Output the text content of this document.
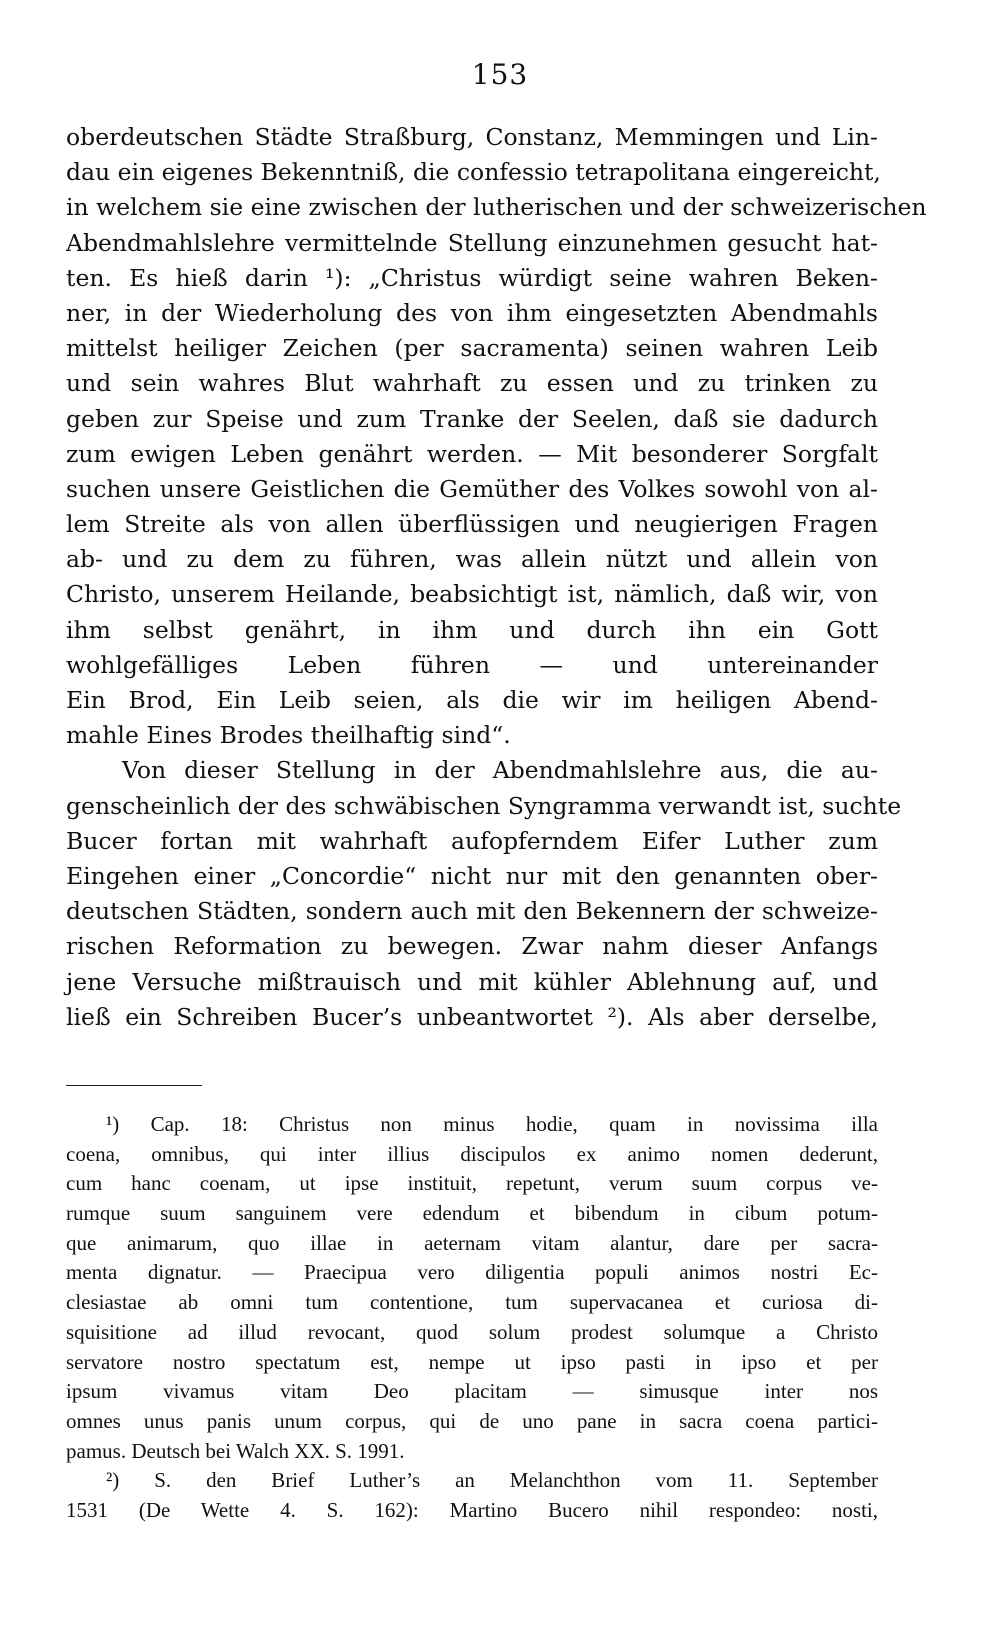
153
oberdeutschen Städte Straßburg, Constanz, Memmingen und Lin-
dau ein eigenes Bekenntniß, die confessio tetrapolitana eingereicht,
in welchem sie eine zwischen der lutherischen und der schweizerischen
Abendmahlslehre vermittelnde Stellung einzunehmen gesucht hat-
ten. Es hieß darin ¹): „Christus würdigt seine wahren Beken-
ner, in der Wiederholung des von ihm eingesetzten Abendmahls
mittelst heiliger Zeichen (per sacramenta) seinen wahren Leib
und sein wahres Blut wahrhaft zu essen und zu trinken zu
geben zur Speise und zum Tranke der Seelen, daß sie dadurch
zum ewigen Leben genährt werden. — Mit besonderer Sorgfalt
suchen unsere Geistlichen die Gemüther des Volkes sowohl von al-
lem Streite als von allen überflüssigen und neugierigen Fragen
ab- und zu dem zu führen, was allein nützt und allein von
Christo, unserem Heilande, beabsichtigt ist, nämlich, daß wir, von
ihm selbst genährt, in ihm und durch ihn ein Gott
wohlgefälliges Leben führen — und untereinander
Ein Brod, Ein Leib seien, als die wir im heiligen Abend-
mahle Eines Brodes theilhaftig sind“.
Von dieser Stellung in der Abendmahlslehre aus, die au-
genscheinlich der des schwäbischen Syngramma verwandt ist, suchte
Bucer fortan mit wahrhaft aufopferndem Eifer Luther zum
Eingehen einer „Concordie“ nicht nur mit den genannten ober-
deutschen Städten, sondern auch mit den Bekennern der schweize-
rischen Reformation zu bewegen. Zwar nahm dieser Anfangs
jene Versuche mißtrauisch und mit kühler Ablehnung auf, und
ließ ein Schreiben Bucer’s unbeantwortet ²). Als aber derselbe,
¹) Cap. 18: Christus non minus hodie, quam in novissima illa
coena, omnibus, qui inter illius discipulos ex animo nomen dederunt,
cum hanc coenam, ut ipse instituit, repetunt, verum suum corpus ve-
rumque suum sanguinem vere edendum et bibendum in cibum potum-
que animarum, quo illae in aeternam vitam alantur, dare per sacra-
menta dignatur. — Praecipua vero diligentia populi animos nostri Ec-
clesiastae ab omni tum contentione, tum supervacanea et curiosa di-
squisitione ad illud revocant, quod solum prodest solumque a Christo
servatore nostro spectatum est, nempe ut ipso pasti in ipso et per
ipsum vivamus vitam Deo placitam — simusque inter nos
omnes unus panis unum corpus, qui de uno pane in sacra coena partici-
pamus. Deutsch bei Walch XX. S. 1991.
²) S. den Brief Luther’s an Melanchthon vom 11. September
1531 (De Wette 4. S. 162): Martino Bucero nihil respondeo: nosti,
